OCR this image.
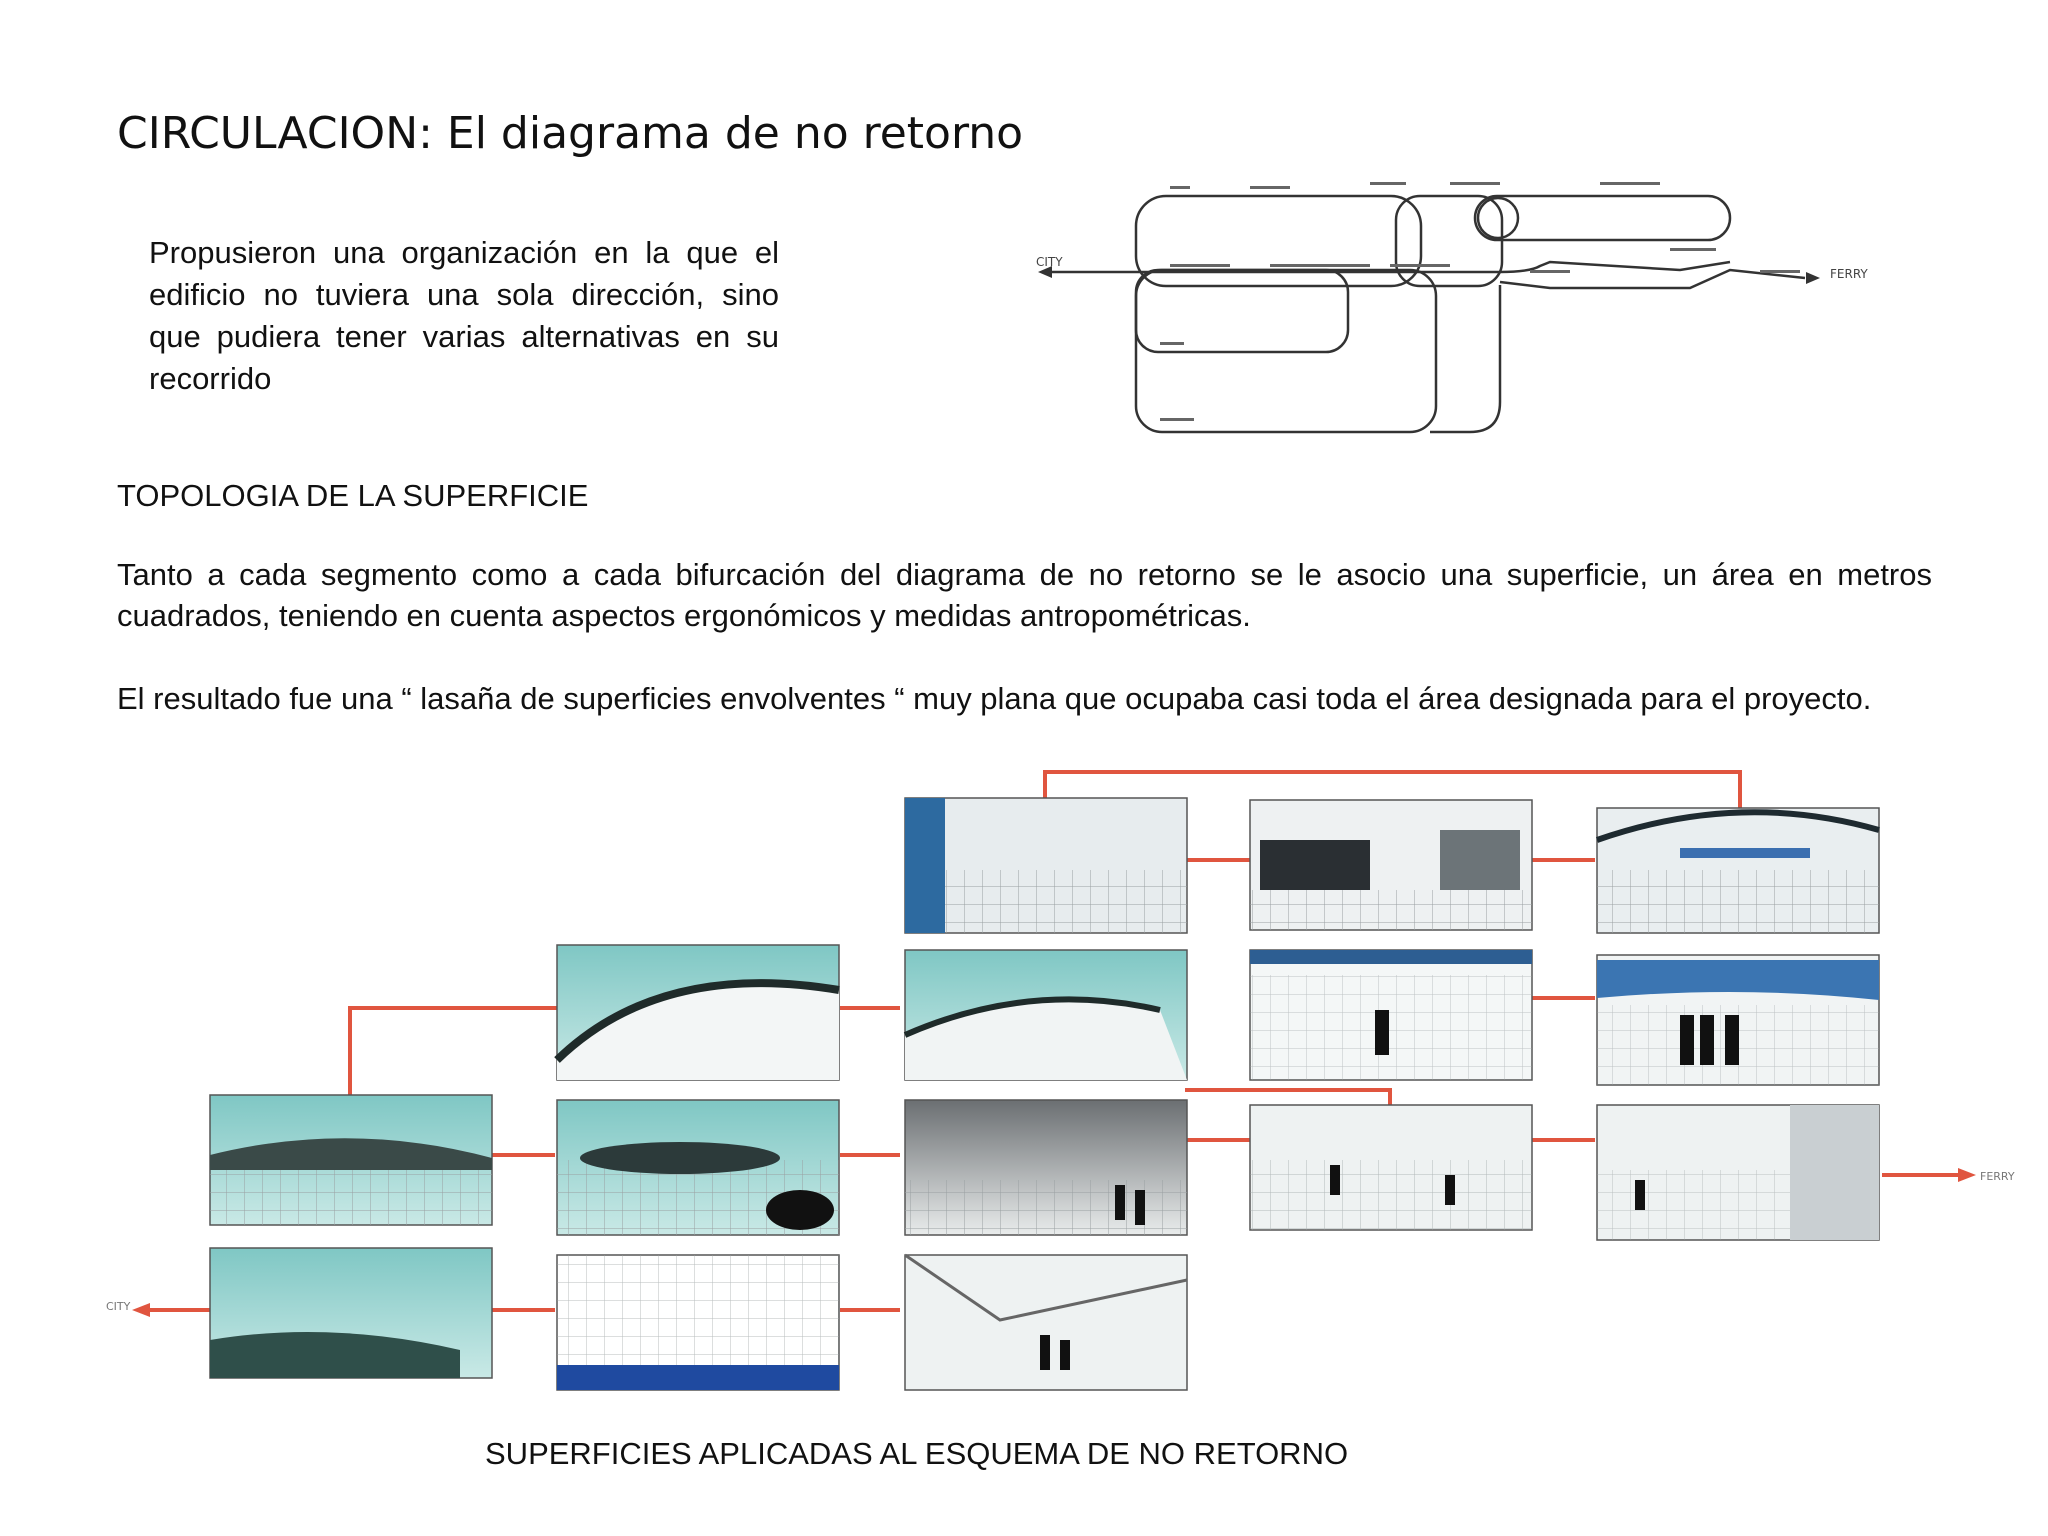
CIRCULACION: El diagrama de no retorno
Propusieron una organización en la que el edificio no tuviera una sola dirección, sino que pudiera tener varias alternativas en su recorrido
CITY
FERRY
TOPOLOGIA DE LA SUPERFICIE
Tanto a cada segmento como a cada bifurcación del diagrama de no retorno se le asocio una superficie, un área en metros cuadrados, teniendo en cuenta aspectos ergonómicos y medidas antropométricas.
El resultado fue una “ lasaña de superficies envolventes “ muy plana que ocupaba casi toda el área designada para el proyecto.
CITY
FERRY
SUPERFICIES APLICADAS AL ESQUEMA DE NO RETORNO
